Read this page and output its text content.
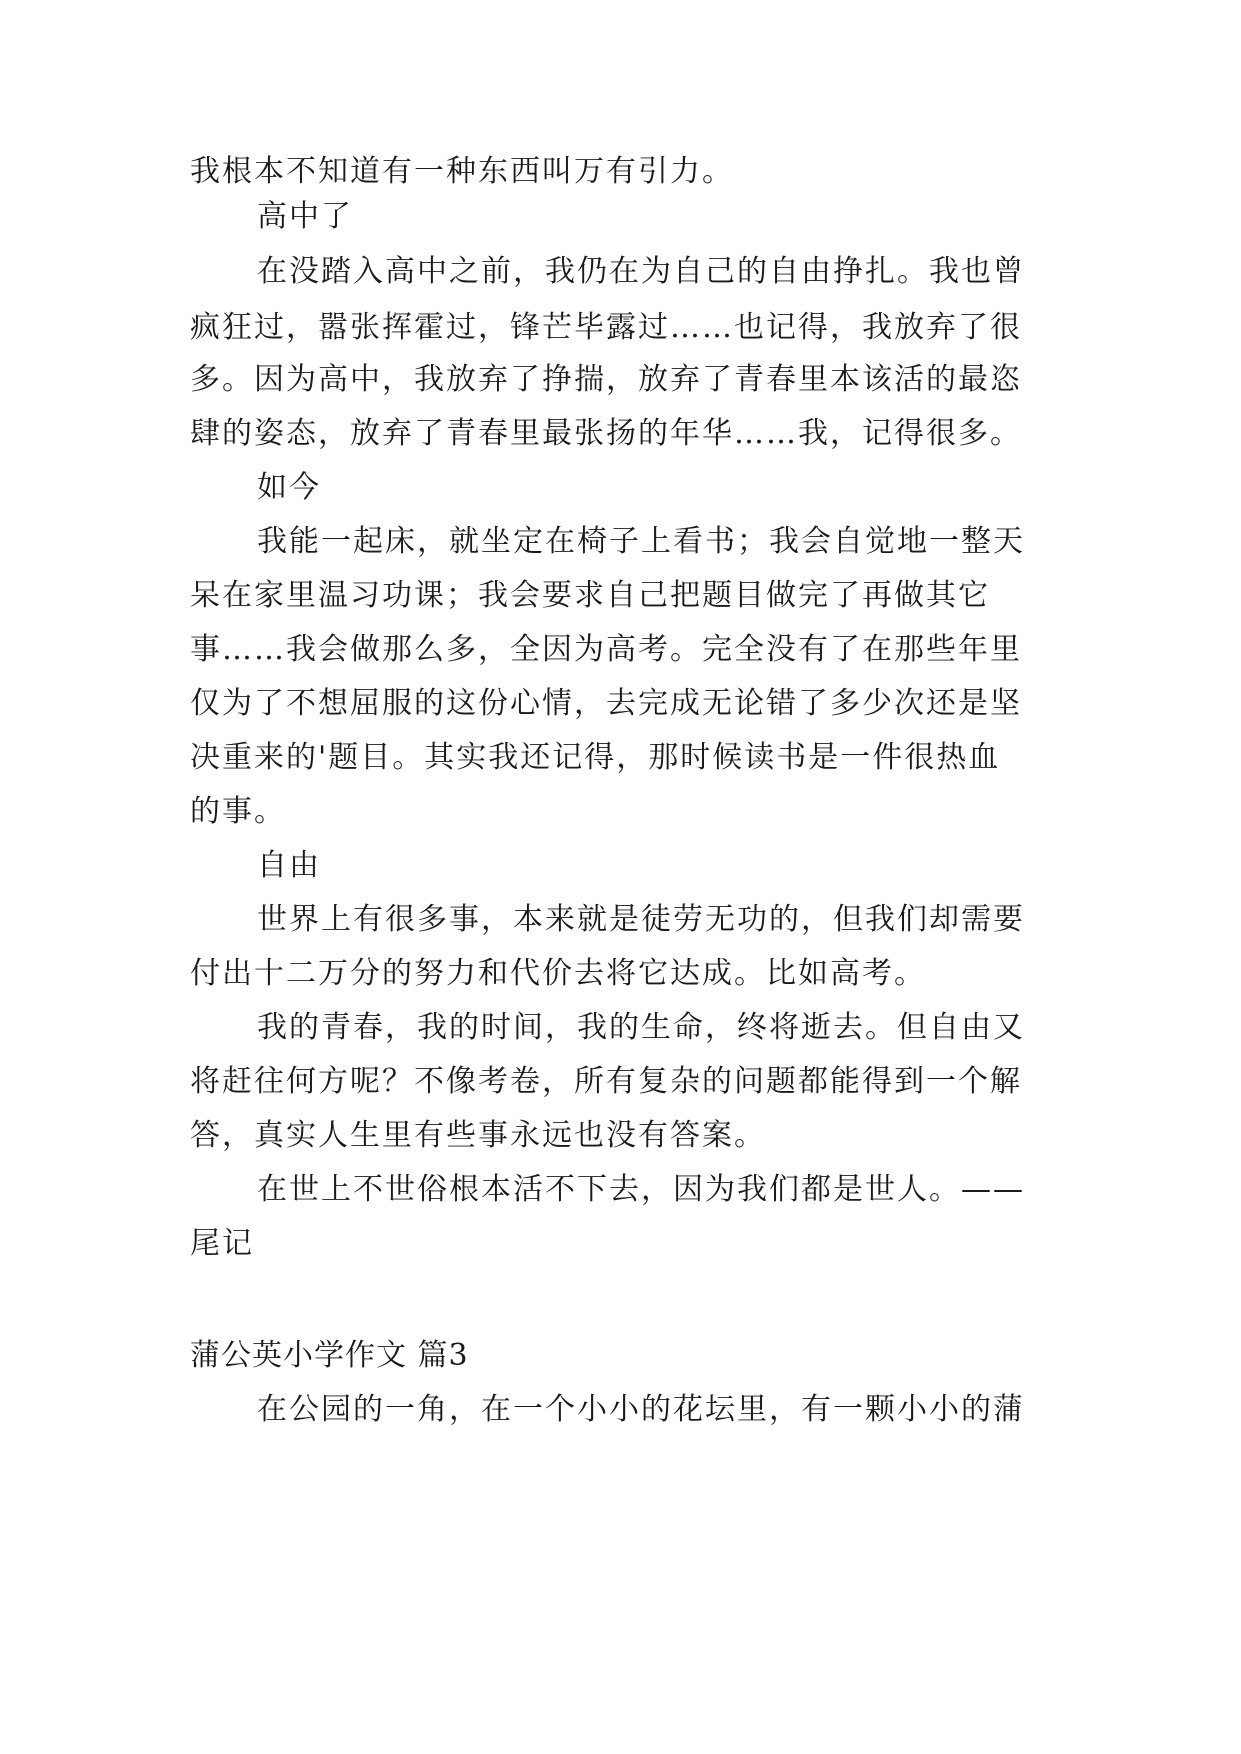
我根本不知道有一种东西叫万有引力。
高中了
在没踏入高中之前，我仍在为自己的自由挣扎。我也曾
疯狂过，嚣张挥霍过，锋芒毕露过……也记得，我放弃了很
多。因为高中，我放弃了挣揣，放弃了青春里本该活的最恣
肆的姿态，放弃了青春里最张扬的年华……我，记得很多。
如今
我能一起床，就坐定在椅子上看书；我会自觉地一整天
呆在家里温习功课；我会要求自己把题目做完了再做其它
事……我会做那么多，全因为高考。完全没有了在那些年里
仅为了不想屈服的这份心情，去完成无论错了多少次还是坚
决重来的'题目。其实我还记得，那时候读书是一件很热血
的事。
自由
世界上有很多事，本来就是徒劳无功的，但我们却需要
付出十二万分的努力和代价去将它达成。比如高考。
我的青春，我的时间，我的生命，终将逝去。但自由又
将赶往何方呢？不像考卷，所有复杂的问题都能得到一个解
答，真实人生里有些事永远也没有答案。
在世上不世俗根本活不下去，因为我们都是世人。——
尾记
蒲公英小学作文 篇3
在公园的一角，在一个小小的花坛里，有一颗小小的蒲
